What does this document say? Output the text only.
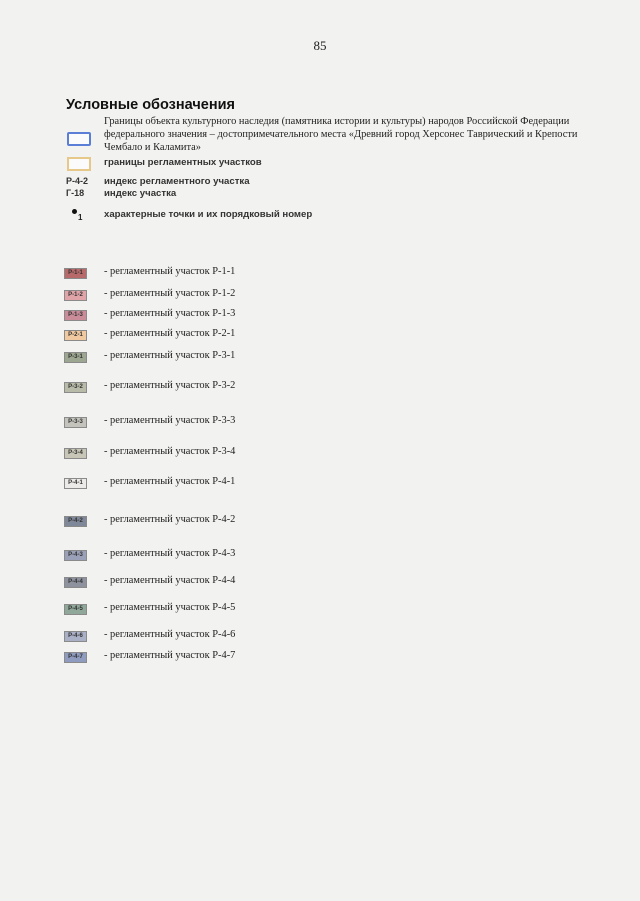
85
Условные обозначения
Границы объекта культурного наследия (памятника истории и культуры) народов Российской Федерации федерального значения – достопримечательного места «Древний город Херсонес Таврический и Крепости Чембало и Каламита»
границы регламентных участков
Р-4-2 индекс регламентного участка
Г-18 индекс участка
1 характерные точки и их порядковый номер
Р-1-1	- регламентный участок Р-1-1
Р-1-2	- регламентный участок Р-1-2
Р-1-3	- регламентный участок Р-1-3
Р-2-1	- регламентный участок Р-2-1
Р-3-1	- регламентный участок Р-3-1
Р-3-2	- регламентный участок Р-3-2
Р-3-3	- регламентный участок Р-3-3
Р-3-4	- регламентный участок Р-3-4
Р-4-1	- регламентный участок Р-4-1
Р-4-2	- регламентный участок Р-4-2
Р-4-3	- регламентный участок Р-4-3
Р-4-4	- регламентный участок Р-4-4
Р-4-5	- регламентный участок Р-4-5
Р-4-6	- регламентный участок Р-4-6
Р-4-7	- регламентный участок Р-4-7
